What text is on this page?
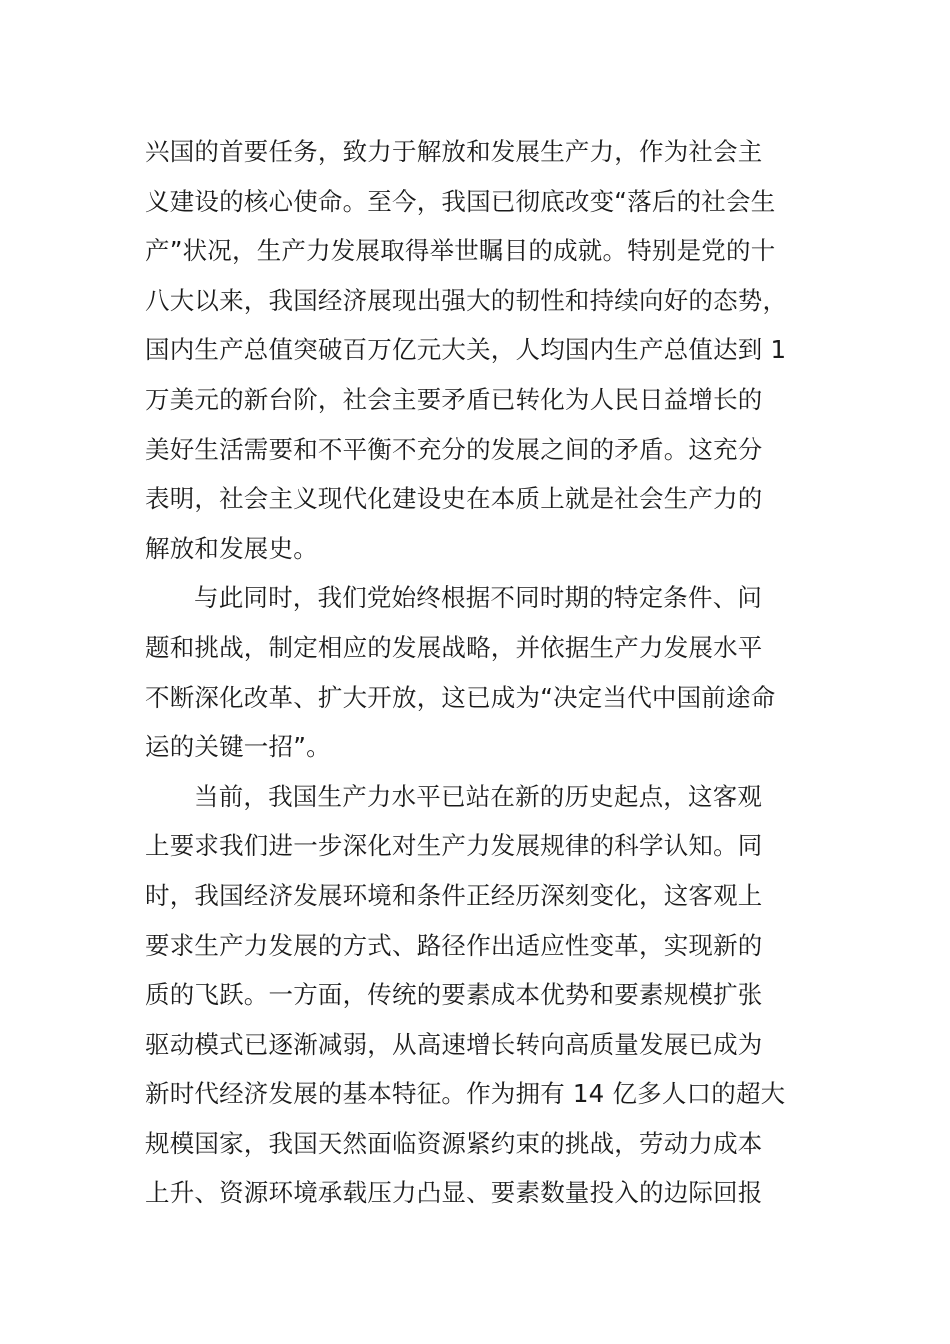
兴国的首要任务，致力于解放和发展生产力，作为社会主
义建设的核心使命。至今，我国已彻底改变“落后的社会生
产”状况，生产力发展取得举世瞩目的成就。特别是党的十
八大以来，我国经济展现出强大的韧性和持续向好的态势，
国内生产总值突破百万亿元大关，人均国内生产总值达到 1
万美元的新台阶，社会主要矛盾已转化为人民日益增长的
美好生活需要和不平衡不充分的发展之间的矛盾。这充分
表明，社会主义现代化建设史在本质上就是社会生产力的
解放和发展史。
与此同时，我们党始终根据不同时期的特定条件、问
题和挑战，制定相应的发展战略，并依据生产力发展水平
不断深化改革、扩大开放，这已成为“决定当代中国前途命
运的关键一招”。
当前，我国生产力水平已站在新的历史起点，这客观
上要求我们进一步深化对生产力发展规律的科学认知。同
时，我国经济发展环境和条件正经历深刻变化，这客观上
要求生产力发展的方式、路径作出适应性变革，实现新的
质的飞跃。一方面，传统的要素成本优势和要素规模扩张
驱动模式已逐渐减弱，从高速增长转向高质量发展已成为
新时代经济发展的基本特征。作为拥有 14 亿多人口的超大
规模国家，我国天然面临资源紧约束的挑战，劳动力成本
上升、资源环境承载压力凸显、要素数量投入的边际回报
